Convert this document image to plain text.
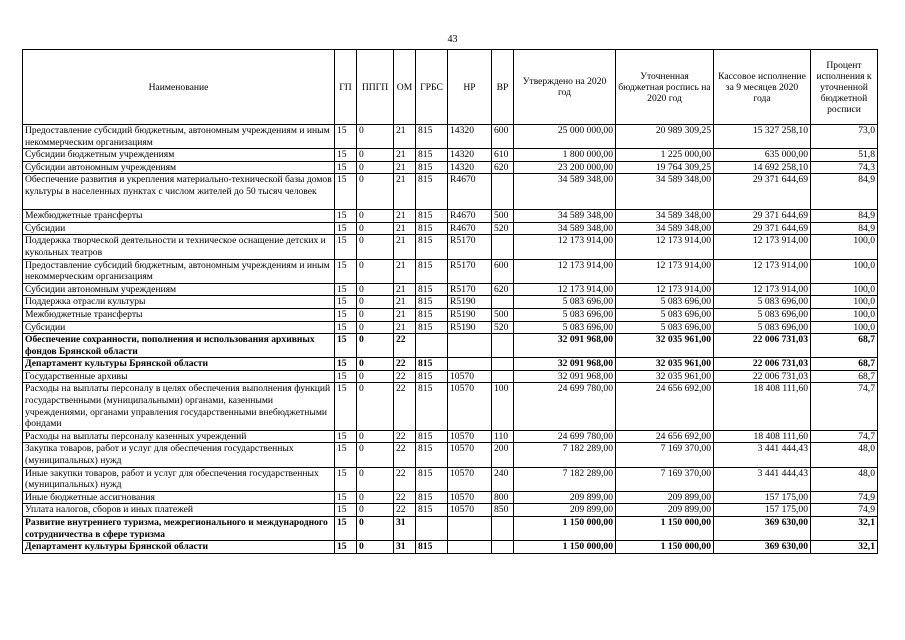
43
Наименование	ГП	ППГП	ОМ	ГРБС	НР	ВР	Утверждено на 2020 год	Уточненная бюджетная роспись на 2020 год	Кассовое исполнение за 9 месяцев 2020 года	Процент исполнения к уточненной бюджетной росписи
Предоставление субсидий бюджетным, автономным учреждениям и иным некоммерческим организациям	15	0	21	815	14320	600	25 000 000,00	20 989 309,25	15 327 258,10	73,0
Субсидии бюджетным учреждениям	15	0	21	815	14320	610	1 800 000,00	1 225 000,00	635 000,00	51,8
Субсидии автономным учреждениям	15	0	21	815	14320	620	23 200 000,00	19 764 309,25	14 692 258,10	74,3
Обеспечение развития и укрепления материально-технической базы домов культуры в населенных пунктах с числом жителей до 50 тысяч человек	15	0	21	815	R4670		34 589 348,00	34 589 348,00	29 371 644,69	84,9
Межбюджетные трансферты	15	0	21	815	R4670	500	34 589 348,00	34 589 348,00	29 371 644,69	84,9
Субсидии	15	0	21	815	R4670	520	34 589 348,00	34 589 348,00	29 371 644,69	84,9
Поддержка творческой деятельности и техническое оснащение детских и кукольных театров	15	0	21	815	R5170		12 173 914,00	12 173 914,00	12 173 914,00	100,0
Предоставление субсидий бюджетным, автономным учреждениям и иным некоммерческим организациям	15	0	21	815	R5170	600	12 173 914,00	12 173 914,00	12 173 914,00	100,0
Субсидии автономным учреждениям	15	0	21	815	R5170	620	12 173 914,00	12 173 914,00	12 173 914,00	100,0
Поддержка отрасли культуры	15	0	21	815	R5190		5 083 696,00	5 083 696,00	5 083 696,00	100,0
Межбюджетные трансферты	15	0	21	815	R5190	500	5 083 696,00	5 083 696,00	5 083 696,00	100,0
Субсидии	15	0	21	815	R5190	520	5 083 696,00	5 083 696,00	5 083 696,00	100,0
Обеспечение сохранности, пополнения и использования архивных фондов Брянской области	15	0	22				32 091 968,00	32 035 961,00	22 006 731,03	68,7
Департамент культуры Брянской области	15	0	22	815			32 091 968,00	32 035 961,00	22 006 731,03	68,7
Государственные архивы	15	0	22	815	10570		32 091 968,00	32 035 961,00	22 006 731,03	68,7
Расходы на выплаты персоналу в целях обеспечения выполнения функций государственными (муниципальными) органами, казенными учреждениями, органами управления государственными внебюджетными фондами	15	0	22	815	10570	100	24 699 780,00	24 656 692,00	18 408 111,60	74,7
Расходы на выплаты персоналу казенных учреждений	15	0	22	815	10570	110	24 699 780,00	24 656 692,00	18 408 111,60	74,7
Закупка товаров, работ и услуг для обеспечения государственных (муниципальных) нужд	15	0	22	815	10570	200	7 182 289,00	7 169 370,00	3 441 444,43	48,0
Иные закупки товаров, работ и услуг для обеспечения государственных (муниципальных) нужд	15	0	22	815	10570	240	7 182 289,00	7 169 370,00	3 441 444,43	48,0
Иные бюджетные ассигнования	15	0	22	815	10570	800	209 899,00	209 899,00	157 175,00	74,9
Уплата налогов, сборов и иных платежей	15	0	22	815	10570	850	209 899,00	209 899,00	157 175,00	74,9
Развитие внутреннего туризма, межрегионального и международного сотрудничества в сфере туризма	15	0	31				1 150 000,00	1 150 000,00	369 630,00	32,1
Департамент культуры Брянской области	15	0	31	815			1 150 000,00	1 150 000,00	369 630,00	32,1
